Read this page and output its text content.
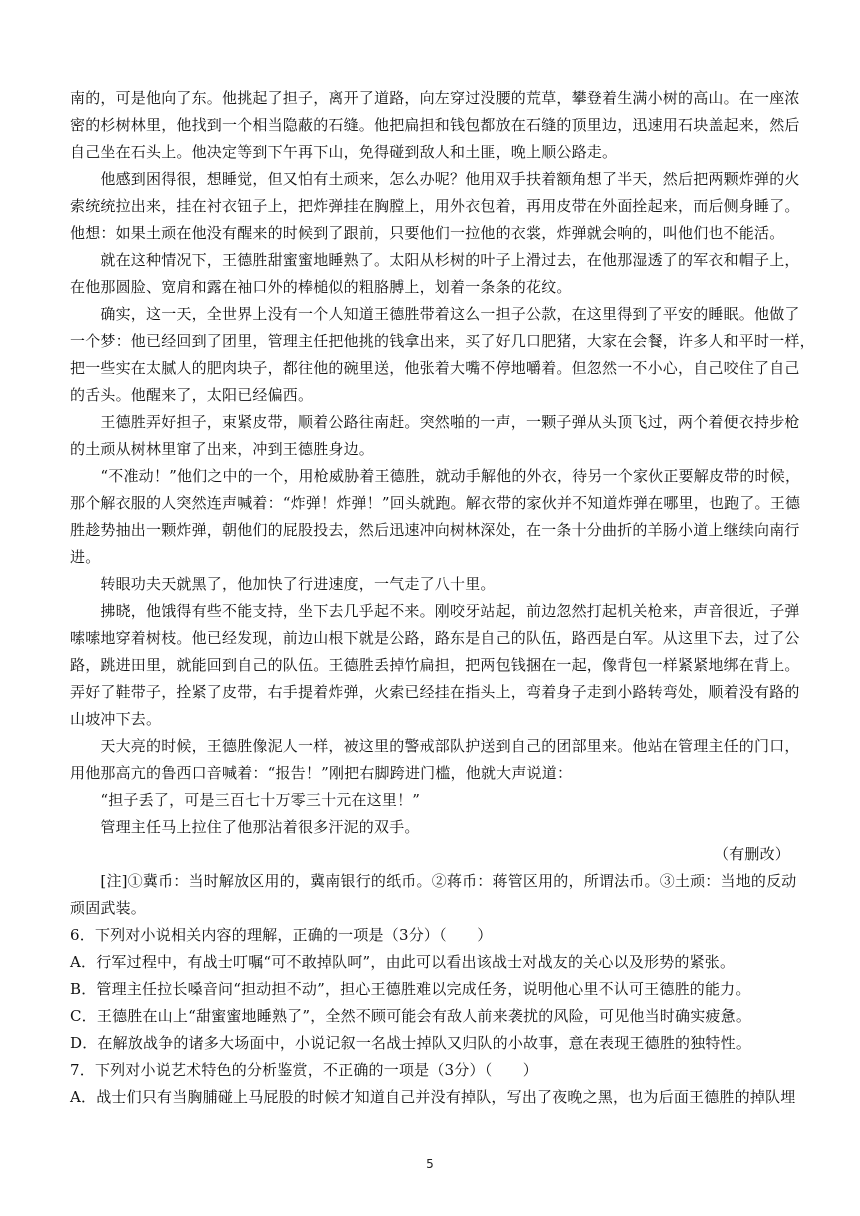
南的，可是他向了东。他挑起了担子，离开了道路，向左穿过没腰的荒草，攀登着生满小树的高山。在一座浓
密的杉树林里，他找到一个相当隐蔽的石缝。他把扁担和钱包都放在石缝的顶里边，迅速用石块盖起来，然后
自己坐在石头上。他决定等到下午再下山，免得碰到敌人和土匪，晚上顺公路走。
　　他感到困得很，想睡觉，但又怕有土顽来，怎么办呢？他用双手扶着额角想了半天，然后把两颗炸弹的火
索统统拉出来，挂在衬衣钮子上，把炸弹挂在胸膛上，用外衣包着，再用皮带在外面拴起来，而后侧身睡了。
他想：如果土顽在他没有醒来的时候到了跟前，只要他们一拉他的衣裳，炸弹就会响的，叫他们也不能活。
　　就在这种情况下，王德胜甜蜜蜜地睡熟了。太阳从杉树的叶子上滑过去，在他那湿透了的军衣和帽子上，
在他那圆脸、宽肩和露在袖口外的棒槌似的粗胳膊上，划着一条条的花纹。
　　确实，这一天，全世界上没有一个人知道王德胜带着这么一担子公款，在这里得到了平安的睡眠。他做了
一个梦：他已经回到了团里，管理主任把他挑的钱拿出来，买了好几口肥猪，大家在会餐，许多人和平时一样，
把一些实在太腻人的肥肉块子，都往他的碗里送，他张着大嘴不停地嚼着。但忽然一不小心，自己咬住了自己
的舌头。他醒来了，太阳已经偏西。
　　王德胜弄好担子，束紧皮带，顺着公路往南赶。突然啪的一声，一颗子弹从头顶飞过，两个着便衣持步枪
的土顽从树林里窜了出来，冲到王德胜身边。
　　“不准动！”他们之中的一个，用枪威胁着王德胜，就动手解他的外衣，待另一个家伙正要解皮带的时候，
那个解衣服的人突然连声喊着：“炸弹！炸弹！”回头就跑。解衣带的家伙并不知道炸弹在哪里，也跑了。王德
胜趁势抽出一颗炸弹，朝他们的屁股投去，然后迅速冲向树林深处，在一条十分曲折的羊肠小道上继续向南行
进。
　　转眼功夫天就黑了，他加快了行进速度，一气走了八十里。
　　拂晓，他饿得有些不能支持，坐下去几乎起不来。刚咬牙站起，前边忽然打起机关枪来，声音很近，子弹
嗦嗦地穿着树枝。他已经发现，前边山根下就是公路，路东是自己的队伍，路西是白军。从这里下去，过了公
路，跳进田里，就能回到自己的队伍。王德胜丢掉竹扁担，把两包钱捆在一起，像背包一样紧紧地绑在背上。
弄好了鞋带子，拴紧了皮带，右手提着炸弹，火索已经挂在指头上，弯着身子走到小路转弯处，顺着没有路的
山坡冲下去。
　　天大亮的时候，王德胜像泥人一样，被这里的警戒部队护送到自己的团部里来。他站在管理主任的门口，
用他那高亢的鲁西口音喊着：“报告！”刚把右脚跨进门槛，他就大声说道：
　　“担子丢了，可是三百七十万零三十元在这里！”
　　管理主任马上拉住了他那沾着很多汗泥的双手。
（有删改）
　　[注]①冀币：当时解放区用的，冀南银行的纸币。②蒋币：蒋管区用的，所谓法币。③土顽：当地的反动
顽固武装。
6．下列对小说相关内容的理解，正确的一项是（3分）（　　）
A．行军过程中，有战士叮嘱“可不敢掉队呵”，由此可以看出该战士对战友的关心以及形势的紧张。
B．管理主任拉长嗓音问“担动担不动”，担心王德胜难以完成任务，说明他心里不认可王德胜的能力。
C．王德胜在山上“甜蜜蜜地睡熟了”，全然不顾可能会有敌人前来袭扰的风险，可见他当时确实疲惫。
D．在解放战争的诸多大场面中，小说记叙一名战士掉队又归队的小故事，意在表现王德胜的独特性。
7．下列对小说艺术特色的分析鉴赏，不正确的一项是（3分）（　　）
A．战士们只有当胸脯碰上马屁股的时候才知道自己并没有掉队，写出了夜晚之黑，也为后面王德胜的掉队埋
5
